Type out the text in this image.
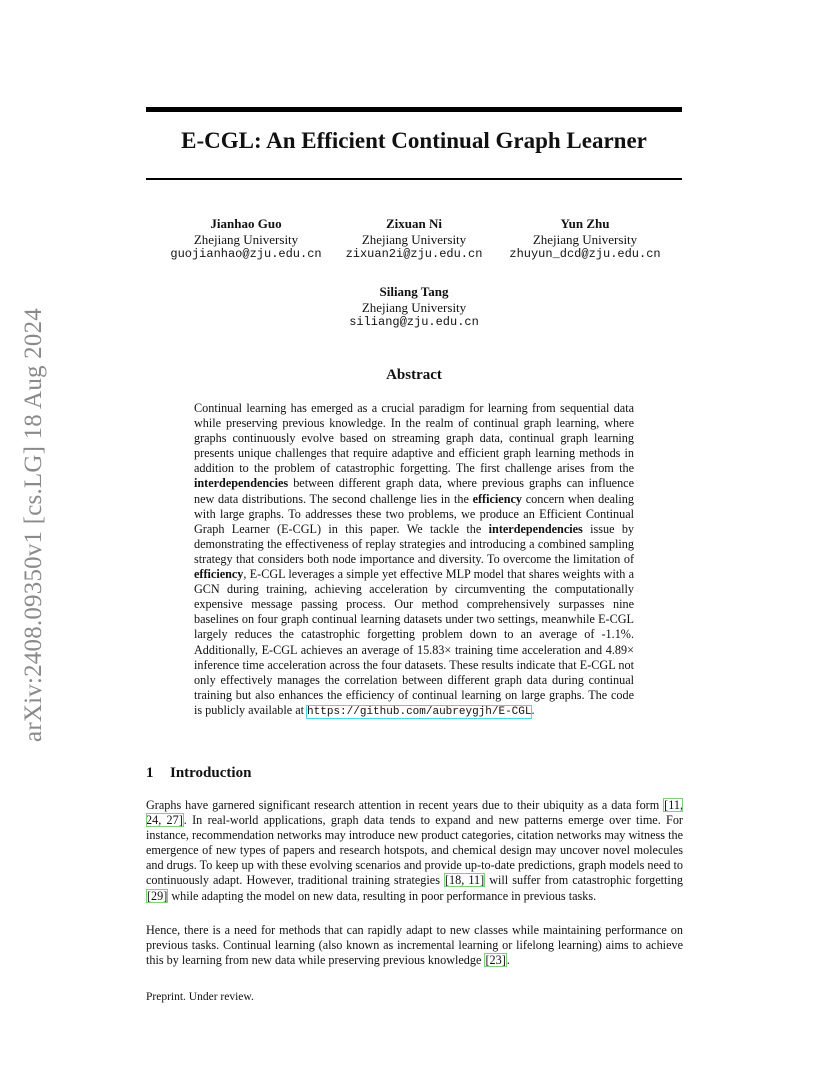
arXiv:2408.09350v1 [cs.LG] 18 Aug 2024
E-CGL: An Efficient Continual Graph Learner
Jianhao Guo
Zhejiang University
guojianhao@zju.edu.cn
Zixuan Ni
Zhejiang University
zixuan2i@zju.edu.cn
Yun Zhu
Zhejiang University
zhuyun_dcd@zju.edu.cn
Siliang Tang
Zhejiang University
siliang@zju.edu.cn
Abstract

Continual learning has emerged as a crucial paradigm for learning from sequential data while preserving previous knowledge. In the realm of continual graph learning, where graphs continuously evolve based on streaming graph data, continual graph learning presents unique challenges that require adaptive and efficient graph learning methods in addition to the problem of catastrophic forgetting. The first challenge arises from the interdependencies between different graph data, where previous graphs can influence new data distributions. The second challenge lies in the efficiency concern when dealing with large graphs. To addresses these two problems, we produce an Efficient Continual Graph Learner (E-CGL) in this paper. We tackle the interdependencies issue by demonstrating the effectiveness of replay strategies and introducing a combined sampling strategy that considers both node importance and diversity. To overcome the limitation of efficiency, E-CGL leverages a simple yet effective MLP model that shares weights with a GCN during training, achieving acceleration by circumventing the computationally expensive message passing process. Our method comprehensively surpasses nine baselines on four graph continual learning datasets under two settings, meanwhile E-CGL largely reduces the catastrophic forgetting problem down to an average of -1.1%. Additionally, E-CGL achieves an average of 15.83× training time acceleration and 4.89× inference time acceleration across the four datasets. These results indicate that E-CGL not only effectively manages the correlation between different graph data during continual training but also enhances the efficiency of continual learning on large graphs. The code is publicly available at https://github.com/aubreygjh/E-CGL.

1 Introduction

Graphs have garnered significant research attention in recent years due to their ubiquity as a data form [11, 24, 27]. In real-world applications, graph data tends to expand and new patterns emerge over time. For instance, recommendation networks may introduce new product categories, citation networks may witness the emergence of new types of papers and research hotspots, and chemical design may uncover novel molecules and drugs. To keep up with these evolving scenarios and provide up-to-date predictions, graph models need to continuously adapt. However, traditional training strategies [18, 11] will suffer from catastrophic forgetting [29] while adapting the model on new data, resulting in poor performance in previous tasks.

Hence, there is a need for methods that can rapidly adapt to new classes while maintaining performance on previous tasks. Continual learning (also known as incremental learning or lifelong learning) aims to achieve this by learning from new data while preserving previous knowledge [23].

Preprint. Under review.
